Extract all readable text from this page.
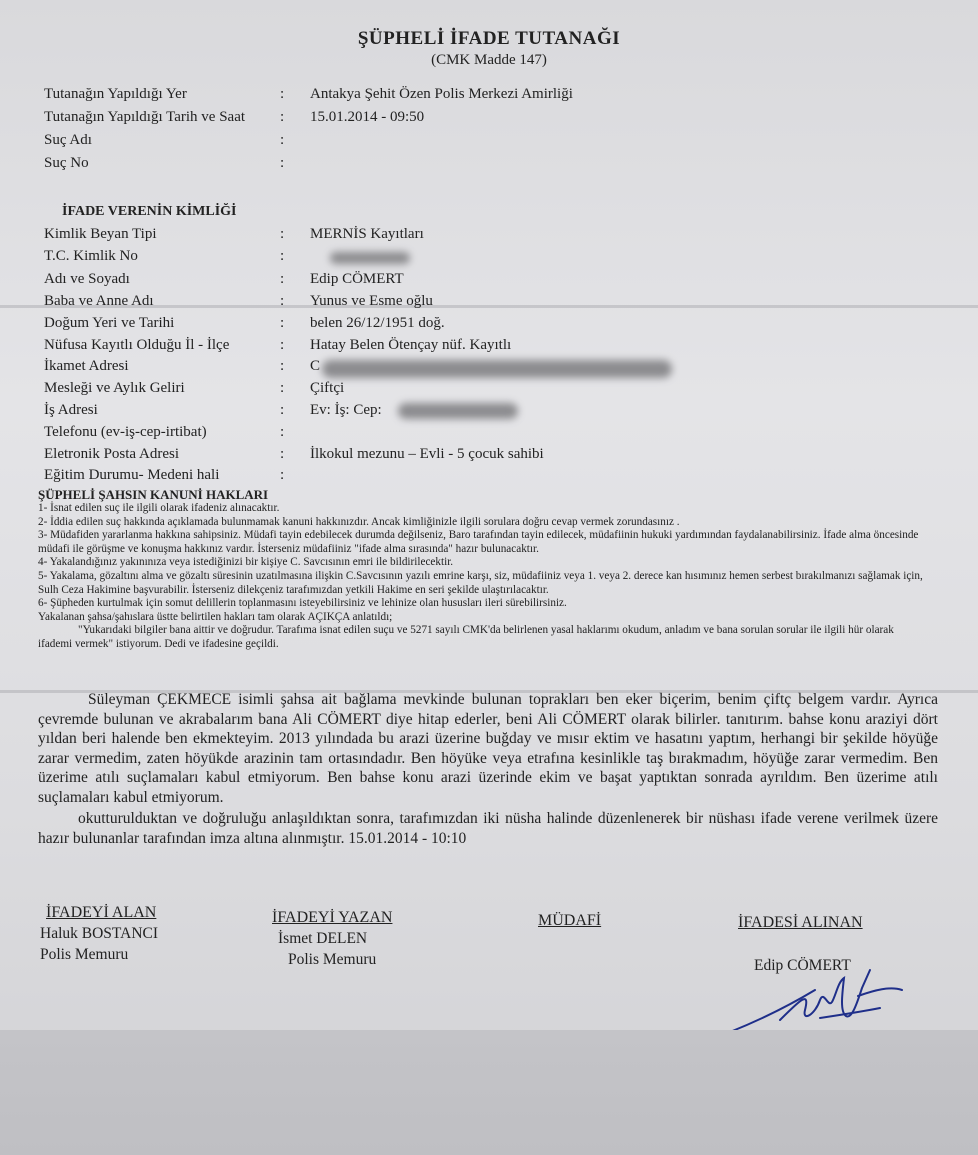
ŞÜPHELİ İFADE TUTANAĞI
(CMK Madde 147)
Tutanağın Yapıldığı Yer	: Antakya Şehit Özen Polis Merkezi Amirliği
Tutanağın Yapıldığı Tarih ve Saat : 15.01.2014 - 09:50
Suç Adı	:
Suç No	:
İFADE VERENİN KİMLİĞİ
Kimlik Beyan Tipi	: MERNİS Kayıtları
T.C. Kimlik No	:
Adı ve Soyadı	: Edip CÖMERT
Baba ve Anne Adı	: Yunus ve Esme oğlu
Doğum Yeri ve Tarihi	: belen 26/12/1951 doğ.
Nüfusa Kayıtlı Olduğu İl - İlçe	: Hatay Belen Ötençay nüf. Kayıtlı
İkamet Adresi	: C
Mesleği ve Aylık Geliri	: Çiftçi
İş Adresi	: Ev: İş: Cep:
Telefonu (ev-iş-cep-irtibat)	:
Eletronik Posta Adresi	: İlkokul mezunu – Evli - 5 çocuk sahibi
Eğitim Durumu- Medeni hali	:
ŞÜPHELİ ŞAHSIN KANUNİ HAKLARI

1- İsnat edilen suç ile ilgili olarak ifadeniz alınacaktır.

2- İddia edilen suç hakkında açıklamada bulunmamak kanuni hakkınızdır. Ancak kimliğinizle ilgili sorulara doğru cevap vermek zorundasınız .

3- Müdafiden yararlanma hakkına sahipsiniz. Müdafi tayin edebilecek durumda değilseniz, Baro tarafından tayin edilecek, müdafiinin hukuki yardımından faydalanabilirsiniz. İfade alma öncesinde müdafi ile görüşme ve konuşma hakkınız vardır. İsterseniz müdafiiniz "ifade alma sırasında" hazır bulunacaktır.

4- Yakalandığınız yakınınıza veya istediğinizi bir kişiye C. Savcısının emri ile bildirilecektir.

5- Yakalama, gözaltını alma ve gözaltı süresinin uzatılmasına ilişkin C.Savcısının yazılı emrine karşı, siz, müdafiiniz veya 1. veya 2. derece kan hısımınız hemen serbest bırakılmanızı sağlamak için, Sulh Ceza Hakimine başvurabilir. İsterseniz dilekçeniz tarafımızdan yetkili Hakime en seri şekilde ulaştırılacaktır.

6- Şüpheden kurtulmak için somut delillerin toplanmasını isteyebilirsiniz ve lehinize olan hususları ileri sürebilirsiniz.

Yakalanan şahsa/şahıslara üstte belirtilen hakları tam olarak AÇIKÇA anlatıldı;

"Yukarıdaki bilgiler bana aittir ve doğrudur. Tarafıma isnat edilen suçu ve 5271 sayılı CMK'da belirlenen yasal haklarımı okudum, anladım ve bana sorulan sorular ile ilgili hür olarak ifademi vermek" istiyorum. Dedi ve ifadesine geçildi.

Süleyman ÇEKMECE isimli şahsa ait bağlama mevkinde bulunan toprakları ben eker biçerim, benim çiftç belgem vardır. Ayrıca çevremde bulunan ve akrabalarım bana Ali CÖMERT diye hitap ederler, beni Ali CÖMERT olarak bilirler. tanıtırım. bahse konu araziyi dört yıldan beri halende ben ekmekteyim. 2013 yılındada bu arazi üzerine buğday ve mısır ektim ve hasatını yaptım, herhangi bir şekilde höyüğe zarar vermedim, zaten höyükde arazinin tam ortasındadır. Ben höyüke veya etrafına kesinlikle taş bırakmadım, höyüğe zarar vermedim. Ben üzerime atılı suçlamaları kabul etmiyorum. Ben bahse konu arazi üzerinde ekim ve başat yaptıktan sonrada ayrıldım. Ben üzerime atılı suçlamaları kabul etmiyorum.

okutturulduktan ve doğruluğu anlaşıldıktan sonra, tarafımızdan iki nüsha halinde düzenlenerek bir nüshası ifade verene verilmek üzere hazır bulunanlar tarafından imza altına alınmıştır. 15.01.2014 - 10:10

İFADEYİ ALAN
Haluk BOSTANCI
Polis Memuru
İFADEYİ YAZAN
İsmet DELEN
Polis Memuru
MÜDAFİ	İFADESİ ALINAN
Edip CÖMERT
